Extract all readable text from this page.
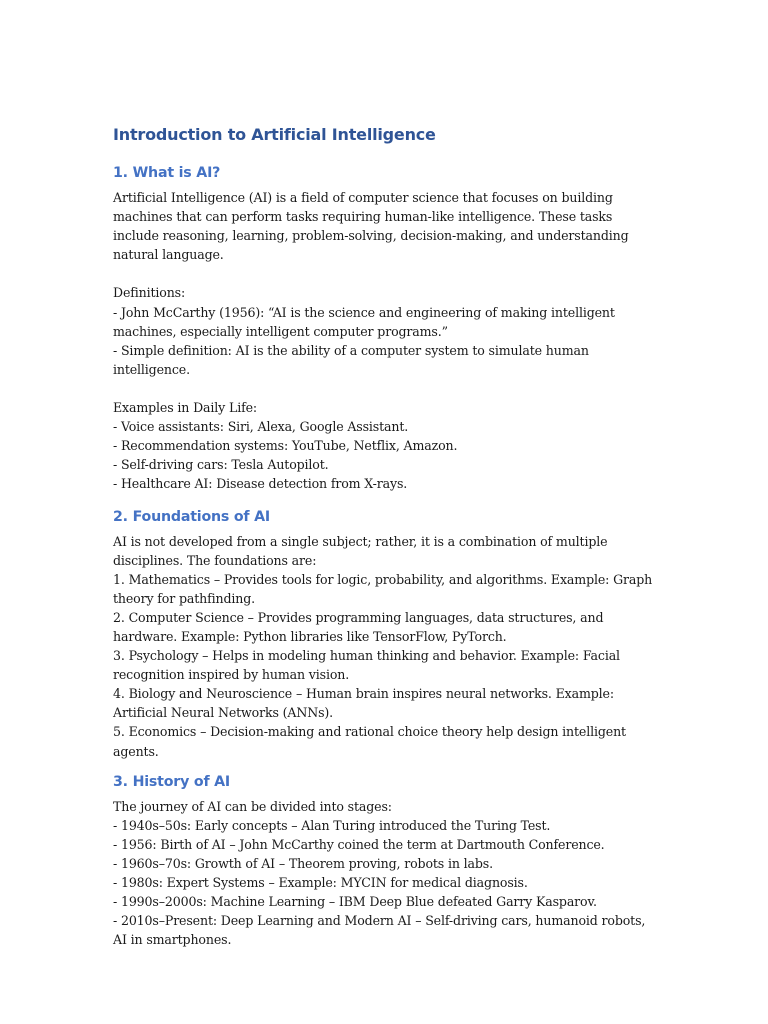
Introduction to Artificial Intelligence
1. What is AI?

Artificial Intelligence (AI) is a field of computer science that focuses on building machines that can perform tasks requiring human-like intelligence. These tasks include reasoning, learning, problem-solving, decision-making, and understanding natural language.

Definitions:

- John McCarthy (1956): “AI is the science and engineering of making intelligent machines, especially intelligent computer programs.”

- Simple definition: AI is the ability of a computer system to simulate human intelligence.

Examples in Daily Life:

- Voice assistants: Siri, Alexa, Google Assistant.

- Recommendation systems: YouTube, Netflix, Amazon.

- Self-driving cars: Tesla Autopilot.

- Healthcare AI: Disease detection from X-rays.

2. Foundations of AI

AI is not developed from a single subject; rather, it is a combination of multiple disciplines. The foundations are:

1. Mathematics – Provides tools for logic, probability, and algorithms. Example: Graph theory for pathfinding.

2. Computer Science – Provides programming languages, data structures, and hardware. Example: Python libraries like TensorFlow, PyTorch.

3. Psychology – Helps in modeling human thinking and behavior. Example: Facial recognition inspired by human vision.

4. Biology and Neuroscience – Human brain inspires neural networks. Example: Artificial Neural Networks (ANNs).

5. Economics – Decision-making and rational choice theory help design intelligent agents.

3. History of AI

The journey of AI can be divided into stages:

- 1940s–50s: Early concepts – Alan Turing introduced the Turing Test.

- 1956: Birth of AI – John McCarthy coined the term at Dartmouth Conference.

- 1960s–70s: Growth of AI – Theorem proving, robots in labs.

- 1980s: Expert Systems – Example: MYCIN for medical diagnosis.

- 1990s–2000s: Machine Learning – IBM Deep Blue defeated Garry Kasparov.

- 2010s–Present: Deep Learning and Modern AI – Self-driving cars, humanoid robots, AI in smartphones.
